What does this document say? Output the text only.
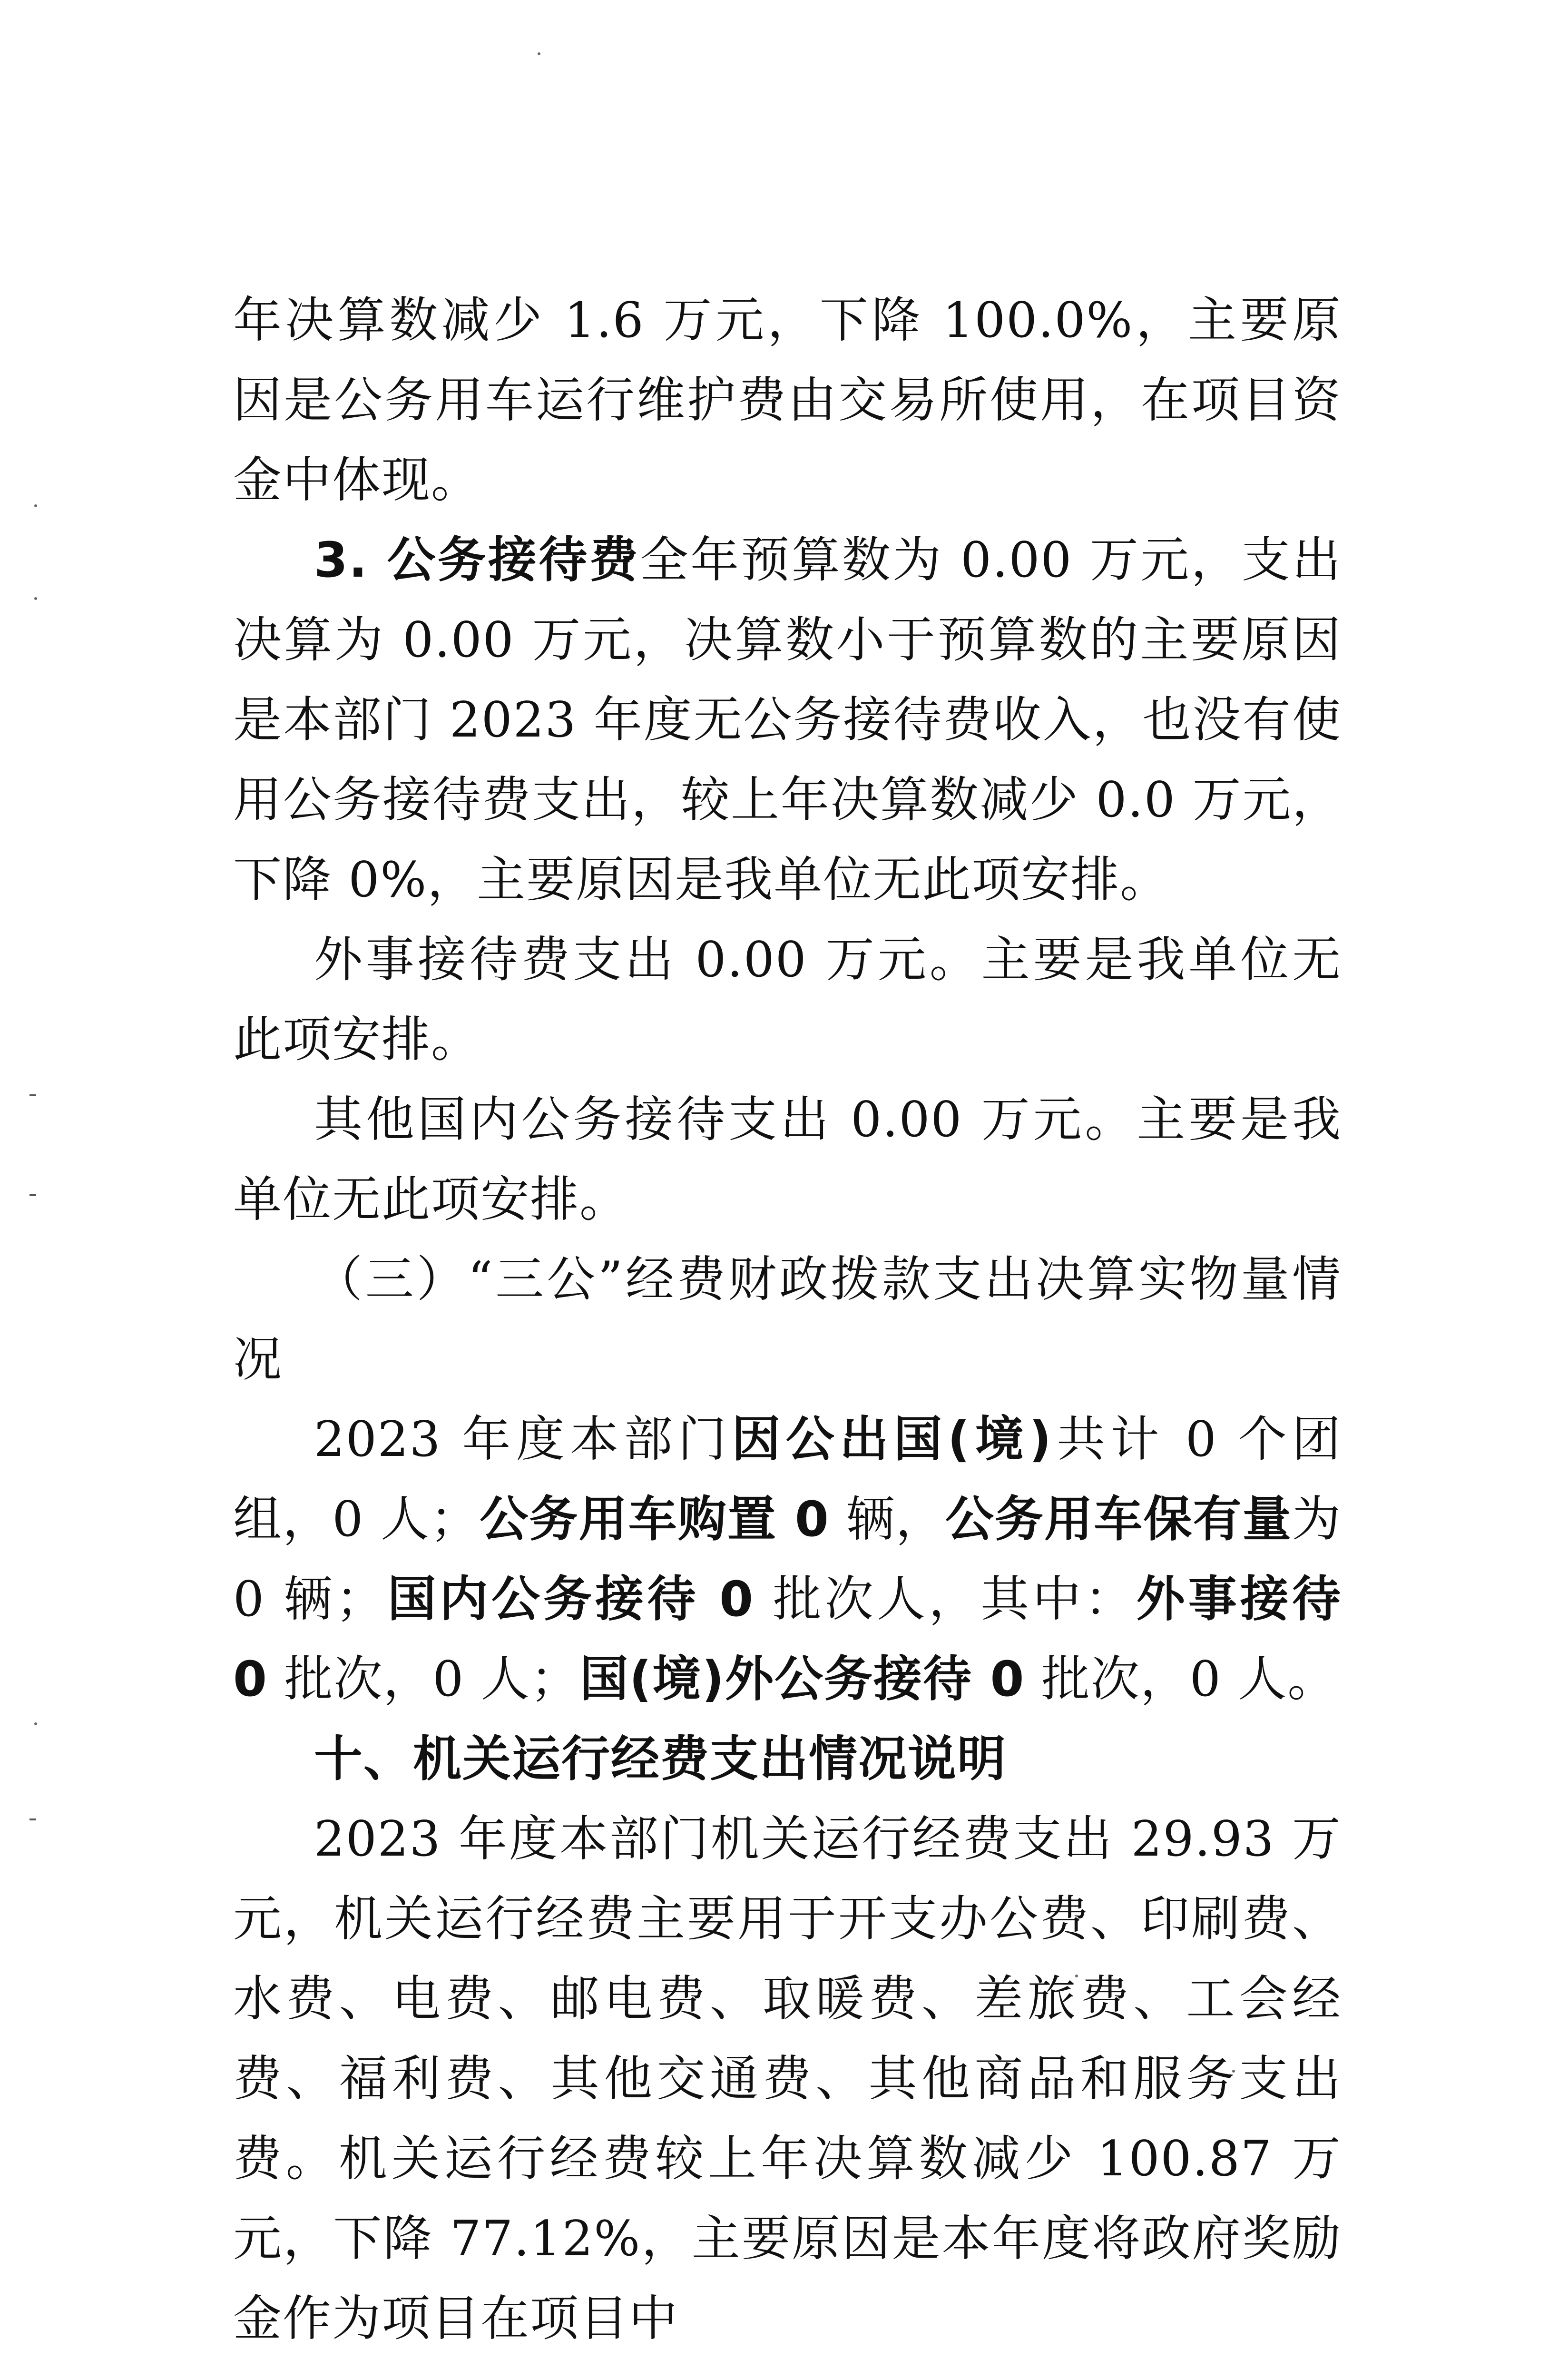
年决算数减少 1.6 万元，下降 100.0%，主要原因是公务用车运行维护费由交易所使用，在项目资金中体现。

3. 公务接待费全年预算数为 0.00 万元，支出决算为 0.00 万元，决算数小于预算数的主要原因是本部门 2023 年度无公务接待费收入，也没有使用公务接待费支出，较上年决算数减少 0.0 万元，下降 0%，主要原因是我单位无此项安排。

外事接待费支出 0.00 万元。主要是我单位无此项安排。

其他国内公务接待支出 0.00 万元。主要是我单位无此项安排。

（三）“三公”经费财政拨款支出决算实物量情况

2023 年度本部门因公出国(境)共计 0 个团组，0 人；公务用车购置 0 辆，公务用车保有量为 0 辆；国内公务接待 0 批次人，其中：外事接待 0 批次，0 人；国(境)外公务接待 0 批次，0 人。

十、机关运行经费支出情况说明

2023 年度本部门机关运行经费支出 29.93 万元，机关运行经费主要用于开支办公费、印刷费、水费、电费、邮电费、取暖费、差旅费、工会经费、福利费、其他交通费、其他商品和服务支出费。机关运行经费较上年决算数减少 100.87 万元，下降 77.12%，主要原因是本年度将政府奖励金作为项目在项目中
